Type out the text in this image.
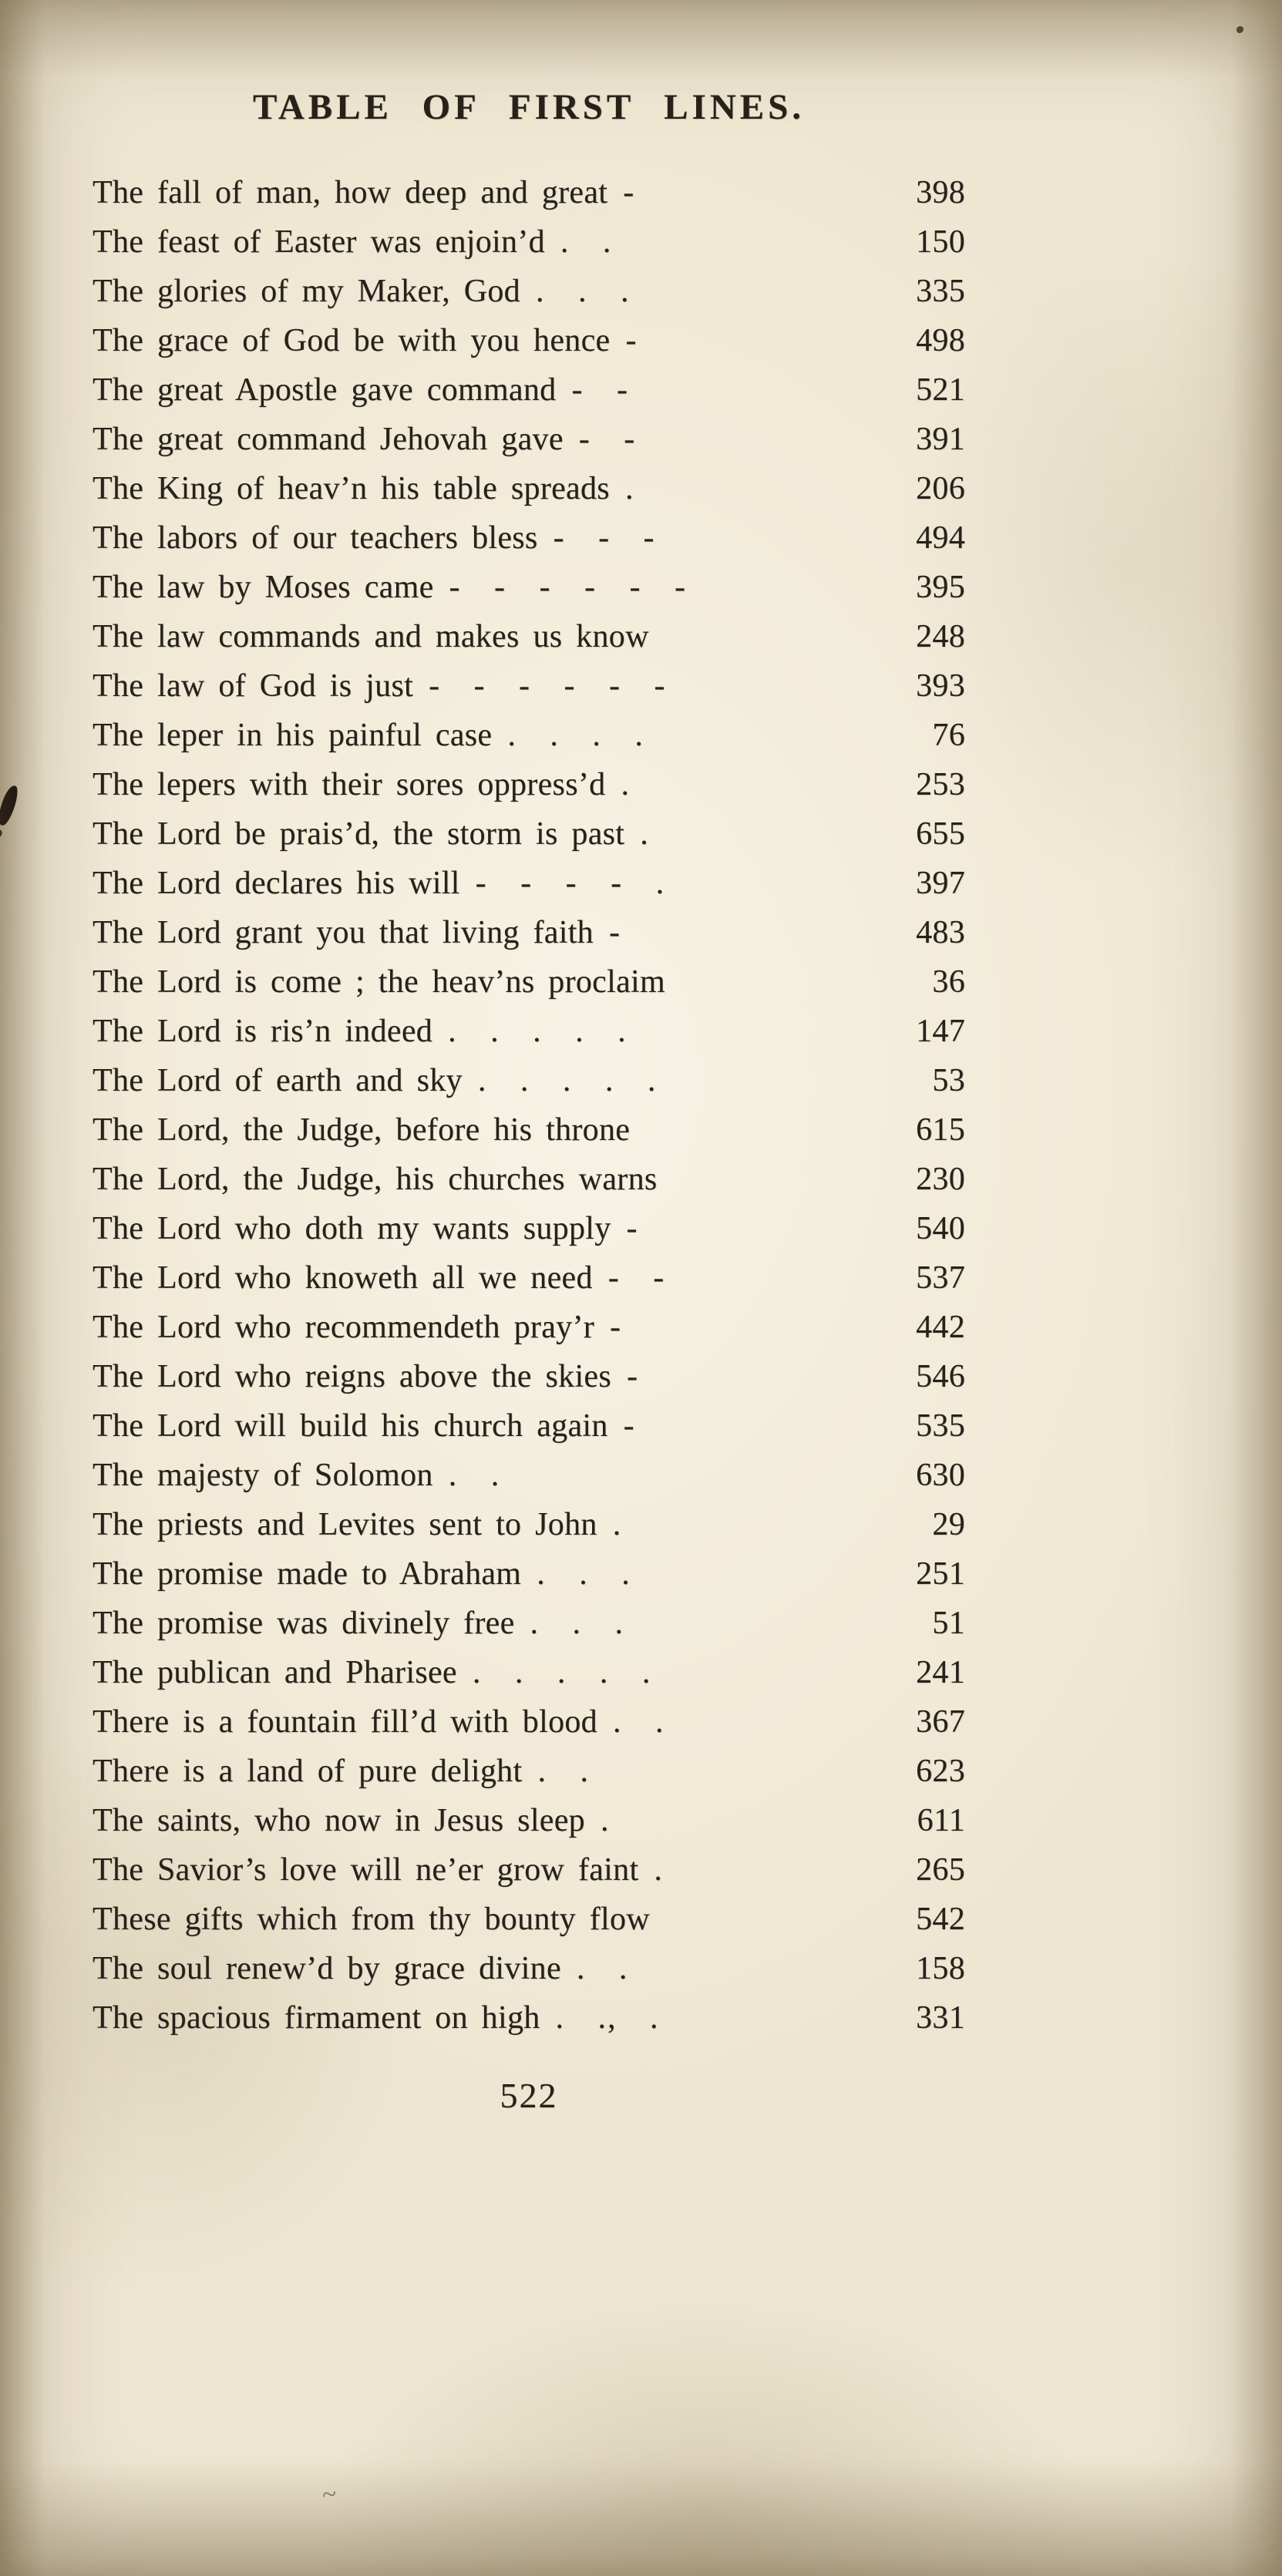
~
TABLE OF FIRST LINES.
The fall of man, how deep and great -	398
The feast of Easter was enjoin’d . .	150
The glories of my Maker, God . . .	335
The grace of God be with you hence -	498
The great Apostle gave command - -	521
The great command Jehovah gave - -	391
The King of heav’n his table spreads .	206
The labors of our teachers bless - - -	494
The law by Moses came - - - - - -	395
The law commands and makes us know	248
The law of God is just - - - - - -	393
The leper in his painful case . . . .	76
The lepers with their sores oppress’d .	253
The Lord be prais’d, the storm is past .	655
The Lord declares his will - - - - .	397
The Lord grant you that living faith -	483
The Lord is come ; the heav’ns proclaim	36
The Lord is ris’n indeed . . . . .	147
The Lord of earth and sky . . . . .	53
The Lord, the Judge, before his throne	615
The Lord, the Judge, his churches warns	230
The Lord who doth my wants supply -	540
The Lord who knoweth all we need - -	537
The Lord who recommendeth pray’r -	442
The Lord who reigns above the skies -	546
The Lord will build his church again -	535
The majesty of Solomon . .	630
The priests and Levites sent to John .	29
The promise made to Abraham . . .	251
The promise was divinely free . . .	51
The publican and Pharisee . . . . .	241
There is a fountain fill’d with blood . .	367
There is a land of pure delight . .	623
The saints, who now in Jesus sleep .	611
The Savior’s love will ne’er grow faint .	265
These gifts which from thy bounty flow	542
The soul renew’d by grace divine . .	158
The spacious firmament on high . ., .	331
522
